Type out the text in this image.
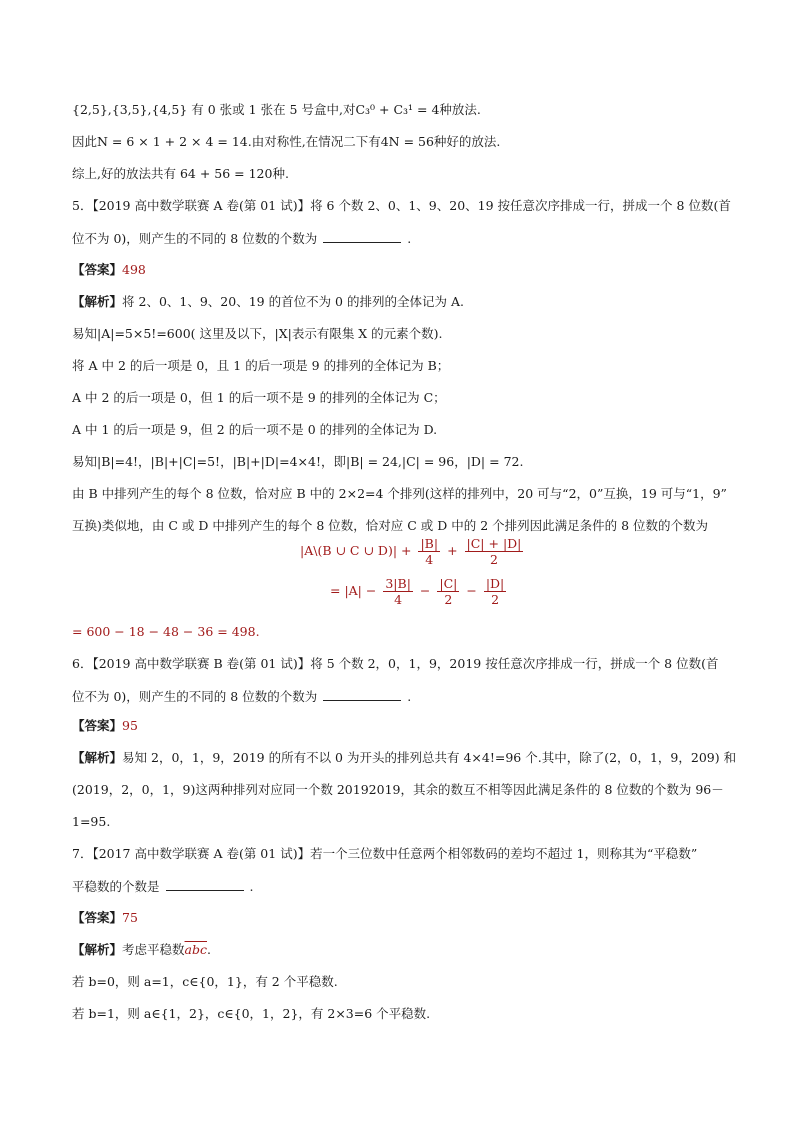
{2,5},{3,5},{4,5} 有 0 张或 1 张在 5 号盒中,对C₃⁰ + C₃¹ = 4种放法.
因此N = 6 × 1 + 2 × 4 = 14.由对称性,在情况二下有4N = 56种好的放法.
综上,好的放法共有 64 + 56 = 120种.
5．【2019 高中数学联赛 A 卷(第 01 试)】将 6 个数 2、0、1、9、20、19 按任意次序排成一行，拼成一个 8 位数(首
位不为 0)，则产生的不同的 8 位数的个数为	.
【答案】498
【解析】将 2、0、1、9、20、19 的首位不为 0 的排列的全体记为 A.
易知|A|=5×5!=600( 这里及以下，|X|表示有限集 X 的元素个数).
将 A 中 2 的后一项是 0，且 1 的后一项是 9 的排列的全体记为 B；
A 中 2 的后一项是 0，但 1 的后一项不是 9 的排列的全体记为 C；
A 中 1 的后一项是 9，但 2 的后一项不是 0 的排列的全体记为 D.
易知|B|=4!，|B|+|C|=5!，|B|+|D|=4×4!，即|B| = 24,|C| = 96，|D| = 72.
由 B 中排列产生的每个 8 位数，恰对应 B 中的 2×2=4 个排列(这样的排列中，20 可与“2，0”互换，19 可与“1，9”
互换)类似地，由 C 或 D 中排列产生的每个 8 位数，恰对应 C 或 D 中的 2 个排列因此满足条件的 8 位数的个数为
|A\(B ∪ C ∪ $D)| + \frac{|B|}{4} + \frac{|C| + |D|}{2}$
= $|A| - \frac{3|B|}{4} - \frac{|C|}{2} - \frac{|D|}{2}$
= 600 − 18 − 48 − 36 = 498.
6．【2019 高中数学联赛 B 卷(第 01 试)】将 5 个数 2，0，1，9，2019 按任意次序排成一行，拼成一个 8 位数(首
位不为 0)，则产生的不同的 8 位数的个数为	.
【答案】95
【解析】易知 2，0，1，9，2019 的所有不以 0 为开头的排列总共有 4×4!=96 个.其中，除了(2，0，1，9，209) 和
(2019，2，0，1，9)这两种排列对应同一个数 20192019，其余的数互不相等因此满足条件的 8 位数的个数为 96－
1=95.
7．【2017 高中数学联赛 A 卷(第 01 试)】若一个三位数中任意两个相邻数码的差均不超过 1，则称其为“平稳数”
平稳数的个数是	.
【答案】75
【解析】考虑平稳数$\overline{abc}$.
若 b=0，则 a=1，c∈{0，1}，有 2 个平稳数.
若 b=1，则 a∈{1，2}，c∈{0，1，2}，有 2×3=6 个平稳数.
